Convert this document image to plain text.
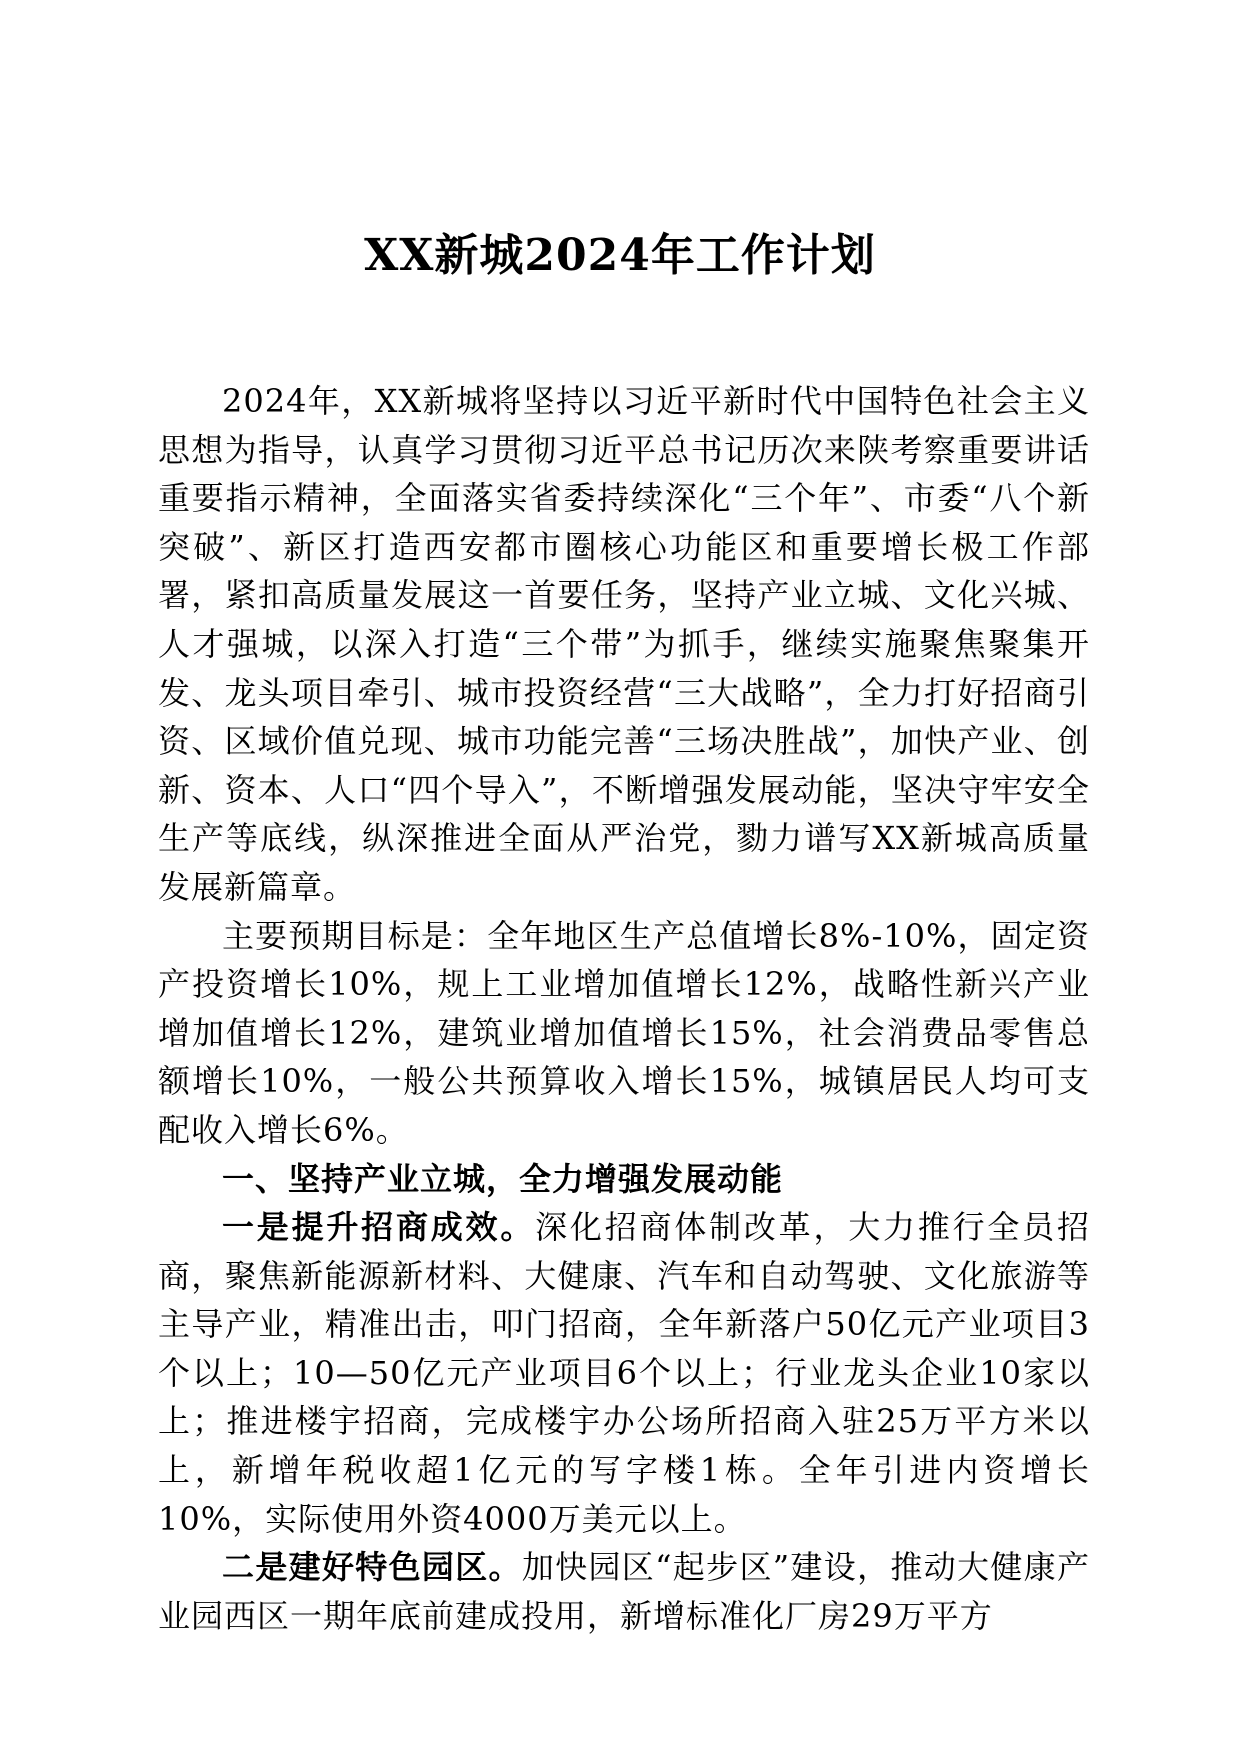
XX新城2024年工作计划

2024年，XX新城将坚持以习近平新时代中国特色社会主义思想为指导，认真学习贯彻习近平总书记历次来陕考察重要讲话重要指示精神，全面落实省委持续深化“三个年”、市委“八个新突破”、新区打造西安都市圈核心功能区和重要增长极工作部署，紧扣高质量发展这一首要任务，坚持产业立城、文化兴城、人才强城，以深入打造“三个带”为抓手，继续实施聚焦聚集开发、龙头项目牵引、城市投资经营“三大战略”，全力打好招商引资、区域价值兑现、城市功能完善“三场决胜战”，加快产业、创新、资本、人口“四个导入”，不断增强发展动能，坚决守牢安全生产等底线，纵深推进全面从严治党，勠力谱写XX新城高质量发展新篇章。

主要预期目标是：全年地区生产总值增长8%-10%，固定资产投资增长10%，规上工业增加值增长12%，战略性新兴产业增加值增长12%，建筑业增加值增长15%，社会消费品零售总额增长10%，一般公共预算收入增长15%，城镇居民人均可支配收入增长6%。

一、坚持产业立城，全力增强发展动能

一是提升招商成效。深化招商体制改革，大力推行全员招商，聚焦新能源新材料、大健康、汽车和自动驾驶、文化旅游等主导产业，精准出击，叩门招商，全年新落户50亿元产业项目3个以上；10—50亿元产业项目6个以上；行业龙头企业10家以上；推进楼宇招商，完成楼宇办公场所招商入驻25万平方米以上，新增年税收超1亿元的写字楼1栋。全年引进内资增长10%，实际使用外资4000万美元以上。

二是建好特色园区。加快园区“起步区”建设，推动大健康产业园西区一期年底前建成投用，新增标准化厂房29万平方
